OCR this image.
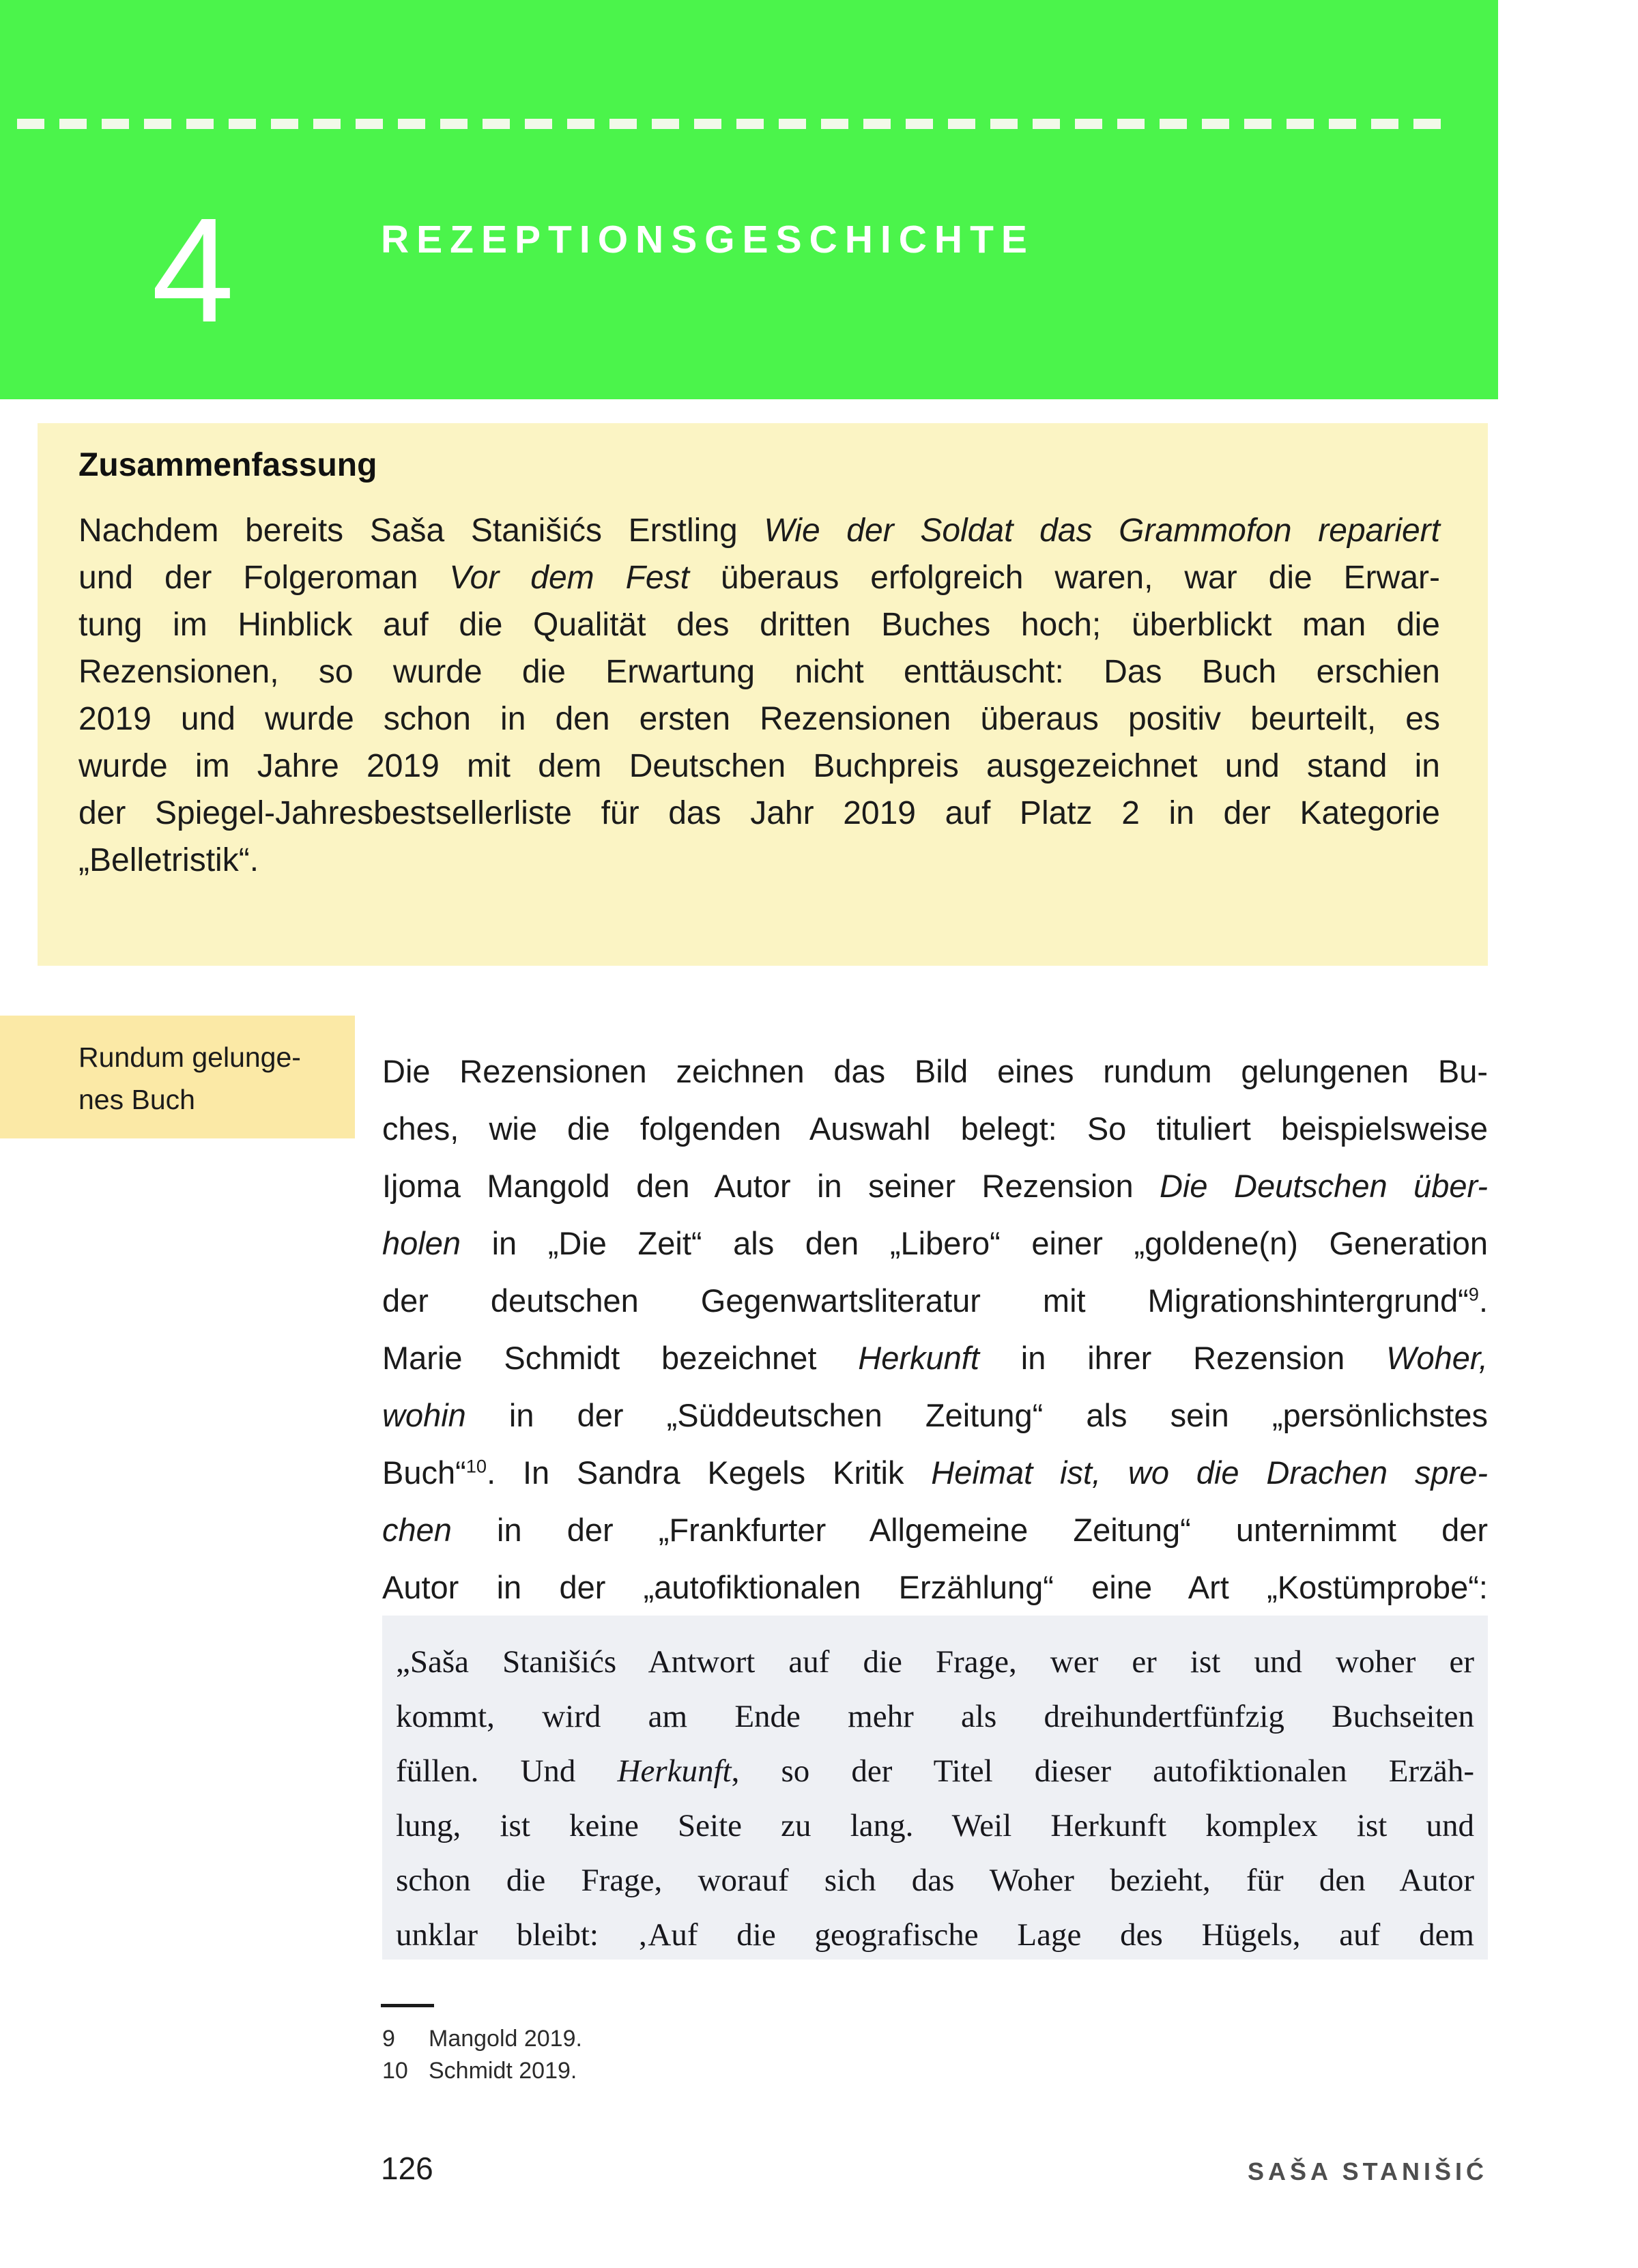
4	REZEPTIONSGESCHICHTE
Zusammenfassung
Nachdem bereits Saša Stanišićs Erstling Wie der Soldat das Grammofon repariert
und der Folgeroman Vor dem Fest überaus erfolgreich waren, war die Erwar-
tung im Hinblick auf die Qualität des dritten Buches hoch; überblickt man die
Rezensionen, so wurde die Erwartung nicht enttäuscht: Das Buch erschien
2019 und wurde schon in den ersten Rezensionen überaus positiv beurteilt, es
wurde im Jahre 2019 mit dem Deutschen Buchpreis ausgezeichnet und stand in
der Spiegel-Jahresbestsellerliste für das Jahr 2019 auf Platz 2 in der Kategorie
„Belletristik“.
Rundum gelunge-
nes Buch
Die Rezensionen zeichnen das Bild eines rundum gelungenen Bu-
ches, wie die folgenden Auswahl belegt: So tituliert beispielsweise
Ijoma Mangold den Autor in seiner Rezension Die Deutschen über-
holen in „Die Zeit“ als den „Libero“ einer „goldene(n) Generation
der deutschen Gegenwartsliteratur mit Migrationshintergrund“$^9$.
Marie Schmidt bezeichnet Herkunft in ihrer Rezension Woher,
wohin in der „Süddeutschen Zeitung“ als sein „persönlichstes
Buch“$^{10}$. In Sandra Kegels Kritik Heimat ist, wo die Drachen spre-
chen in der „Frankfurter Allgemeine Zeitung“ unternimmt der
Autor in der „autofiktionalen Erzählung“ eine Art „Kostümprobe“:
„Saša Stanišićs Antwort auf die Frage, wer er ist und woher er
kommt, wird am Ende mehr als dreihundertfünfzig Buchseiten
füllen. Und Herkunft, so der Titel dieser autofiktionalen Erzäh-
lung, ist keine Seite zu lang. Weil Herkunft komplex ist und
schon die Frage, worauf sich das Woher bezieht, für den Autor
unklar bleibt: ‚Auf die geografische Lage des Hügels, auf dem
9	Mangold 2019.
10 Schmidt 2019.
126	SAŠA STANIŠIĆ
